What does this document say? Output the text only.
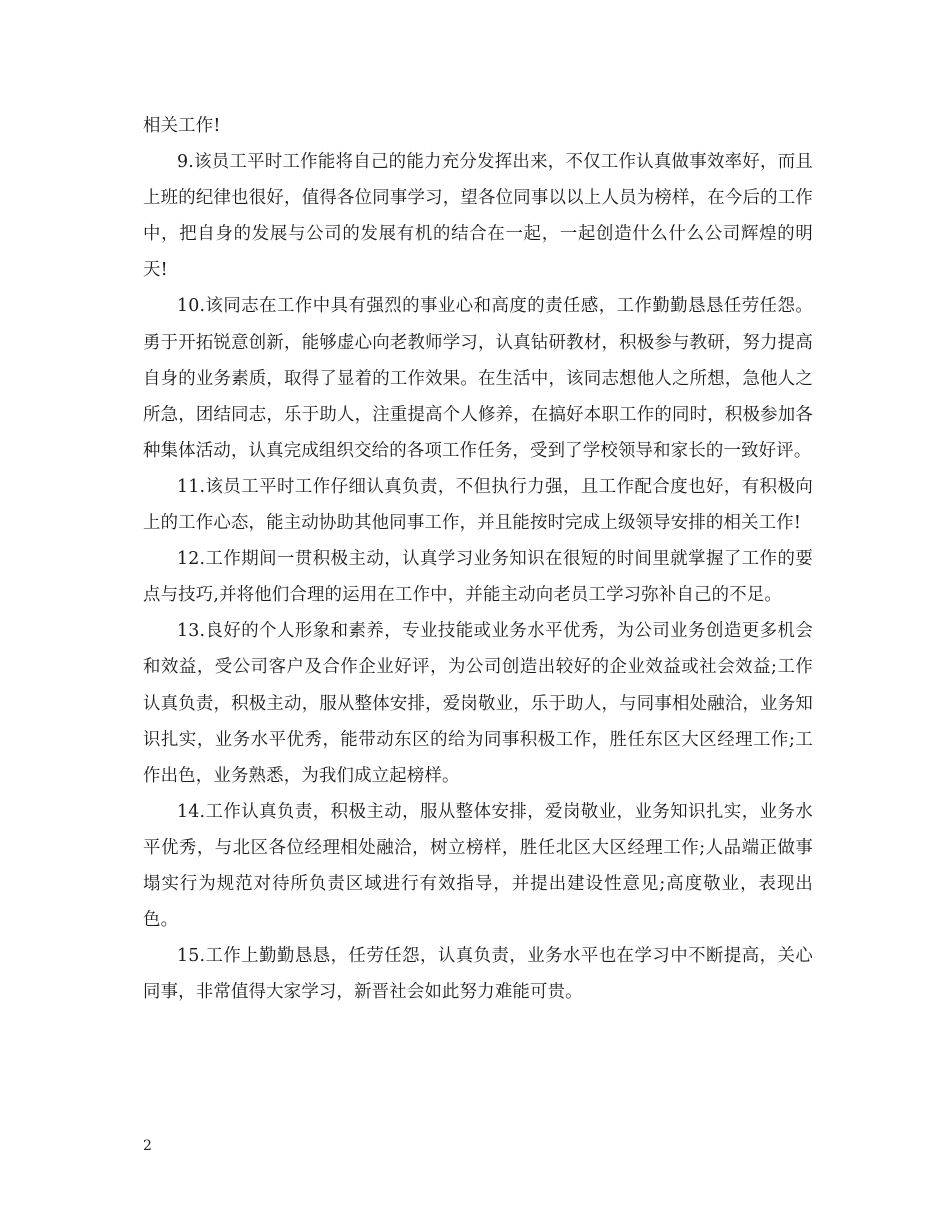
相关工作!

9.该员工平时工作能将自己的能力充分发挥出来，不仅工作认真做事效率好，而且上班的纪律也很好，值得各位同事学习，望各位同事以以上人员为榜样，在今后的工作中，把自身的发展与公司的发展有机的结合在一起，一起创造什么什么公司辉煌的明天!

10.该同志在工作中具有强烈的事业心和高度的责任感，工作勤勤恳恳任劳任怨。勇于开拓锐意创新，能够虚心向老教师学习，认真钻研教材，积极参与教研，努力提高自身的业务素质，取得了显着的工作效果。在生活中，该同志想他人之所想，急他人之所急，团结同志，乐于助人，注重提高个人修养，在搞好本职工作的同时，积极参加各种集体活动，认真完成组织交给的各项工作任务，受到了学校领导和家长的一致好评。

11.该员工平时工作仔细认真负责，不但执行力强，且工作配合度也好，有积极向上的工作心态，能主动协助其他同事工作，并且能按时完成上级领导安排的相关工作!

12.工作期间一贯积极主动，认真学习业务知识在很短的时间里就掌握了工作的要点与技巧,并将他们合理的运用在工作中，并能主动向老员工学习弥补自己的不足。

13.良好的个人形象和素养，专业技能或业务水平优秀，为公司业务创造更多机会和效益，受公司客户及合作企业好评，为公司创造出较好的企业效益或社会效益;工作认真负责，积极主动，服从整体安排，爱岗敬业，乐于助人，与同事相处融洽，业务知识扎实，业务水平优秀，能带动东区的给为同事积极工作，胜任东区大区经理工作;工作出色，业务熟悉，为我们成立起榜样。

14.工作认真负责，积极主动，服从整体安排，爱岗敬业，业务知识扎实，业务水平优秀，与北区各位经理相处融洽，树立榜样，胜任北区大区经理工作;人品端正做事塌实行为规范对待所负责区域进行有效指导，并提出建设性意见;高度敬业，表现出色。

15.工作上勤勤恳恳，任劳任怨，认真负责，业务水平也在学习中不断提高，关心同事，非常值得大家学习，新晋社会如此努力难能可贵。

2
